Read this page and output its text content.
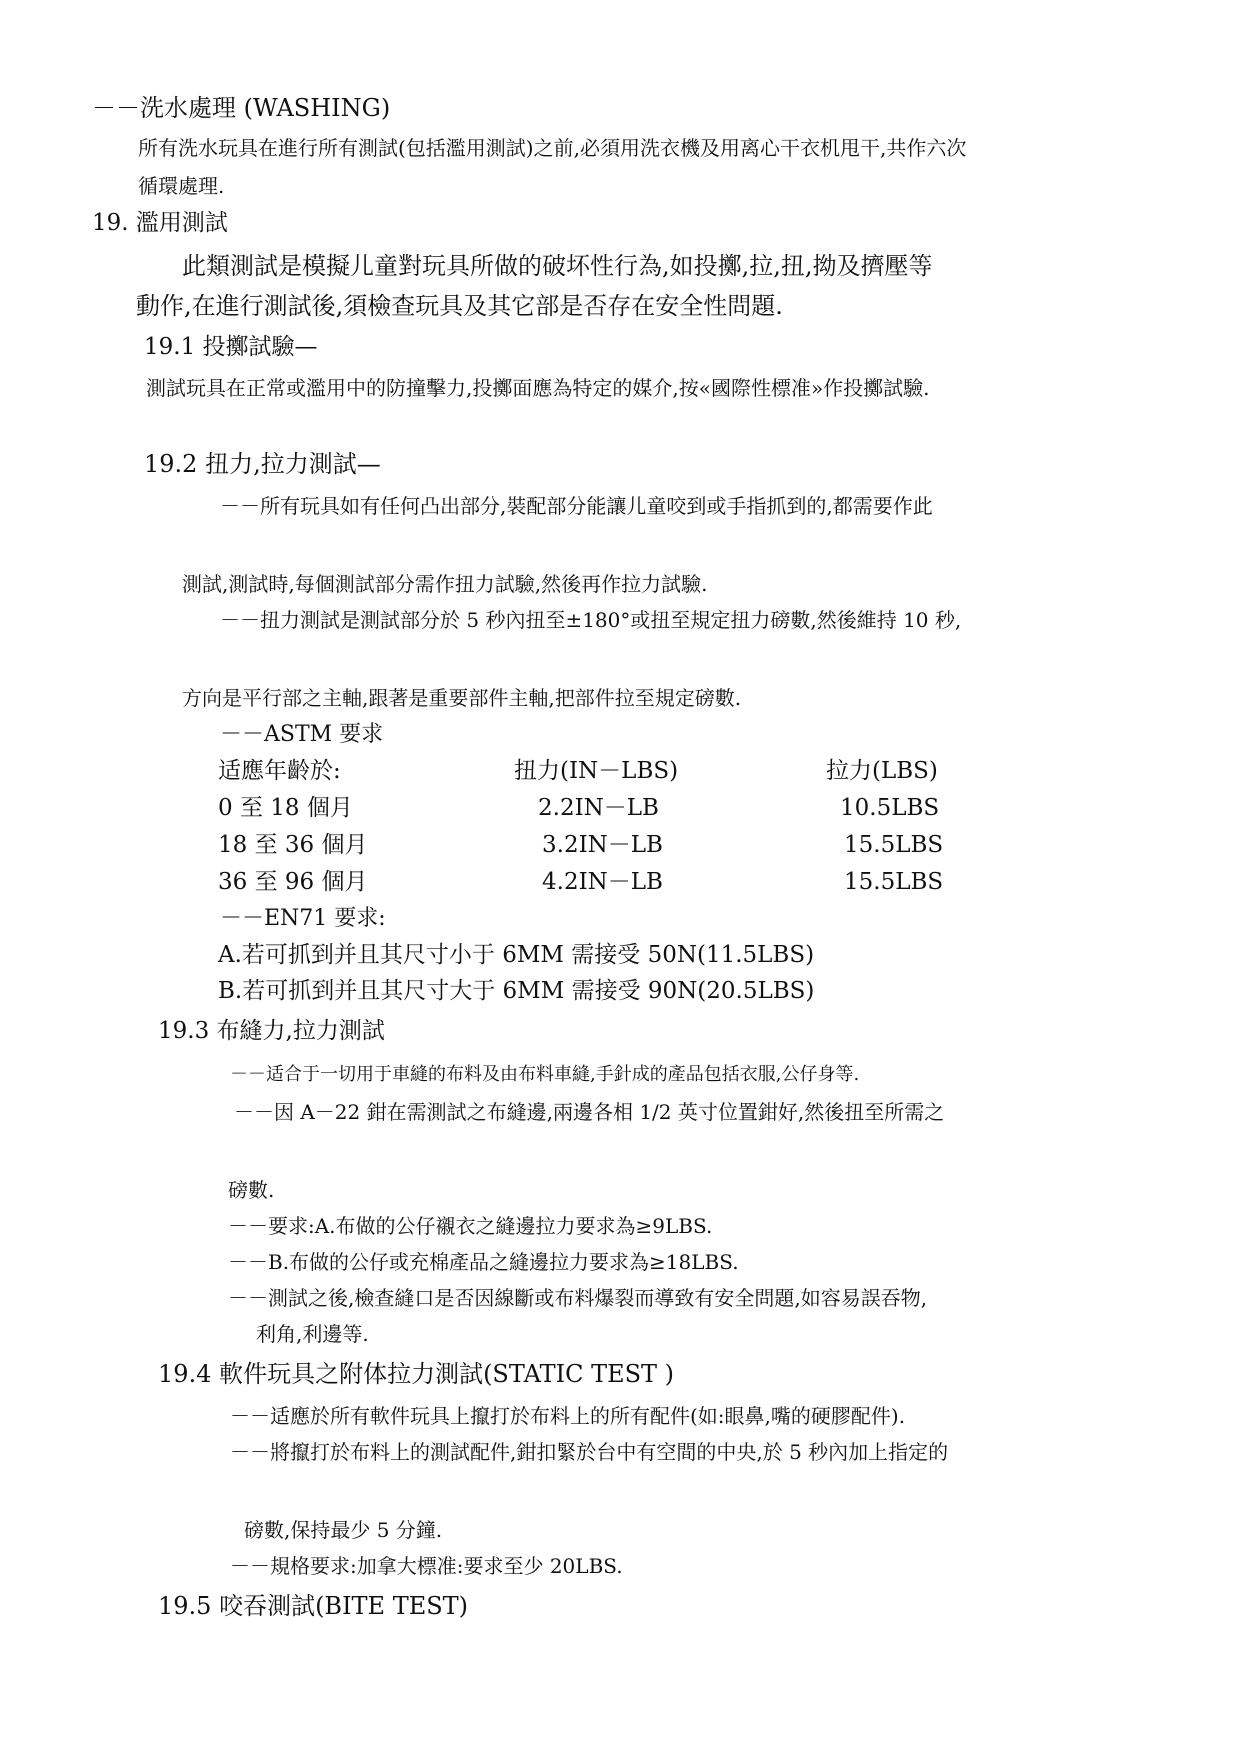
－－洗水處理 (WASHING)
所有洗水玩具在進行所有測試(包括濫用測試)之前,必須用洗衣機及用离心干衣机甩干,共作六次
循環處理.
19. 濫用測試
此類測試是模擬儿童對玩具所做的破坏性行為,如投擲,拉,扭,拗及擠壓等
動作,在進行測試後,須檢查玩具及其它部是否存在安全性問題.
19.1 投擲試驗—
測試玩具在正常或濫用中的防撞擊力,投擲面應為特定的媒介,按«國際性標准»作投擲試驗.
19.2 扭力,拉力測試—
－－所有玩具如有任何凸出部分,裝配部分能讓儿童咬到或手指抓到的,都需要作此
測試,測試時,每個測試部分需作扭力試驗,然後再作拉力試驗.
－－扭力測試是測試部分於 5 秒內扭至±180°或扭至規定扭力磅數,然後維持 10 秒,
方向是平行部之主軸,跟著是重要部件主軸,把部件拉至規定磅數.
－－ASTM 要求
适應年齡於:	扭力(IN－LBS)	拉力(LBS)
0 至 18 個月	2.2IN－LB	10.5LBS
18 至 36 個月	3.2IN－LB	15.5LBS
36 至 96 個月	4.2IN－LB	15.5LBS
－－EN71 要求:
A.若可抓到并且其尺寸小于 6MM 需接受 50N(11.5LBS)
B.若可抓到并且其尺寸大于 6MM 需接受 90N(20.5LBS)
19.3 布縫力,拉力測試
－－适合于一切用于車縫的布料及由布料車縫,手針成的產品包括衣服,公仔身等.
－－因 A－22 鉗在需測試之布縫邊,兩邊各相 1/2 英寸位置鉗好,然後扭至所需之
磅數.
－－要求:A.布做的公仔襯衣之縫邊拉力要求為≥9LBS.
－－B.布做的公仔或充棉產品之縫邊拉力要求為≥18LBS.
－－測試之後,檢查縫口是否因線斷或布料爆裂而導致有安全問題,如容易誤吞物,
利角,利邊等.
19.4 軟件玩具之附体拉力測試(STATIC TEST )
－－适應於所有軟件玩具上攛打於布料上的所有配件(如:眼鼻,嘴的硬膠配件).
－－將攛打於布料上的測試配件,鉗扣緊於台中有空間的中央,於 5 秒內加上指定的
磅數,保持最少 5 分鐘.
－－規格要求:加拿大標准:要求至少 20LBS.
19.5 咬吞測試(BITE TEST)
